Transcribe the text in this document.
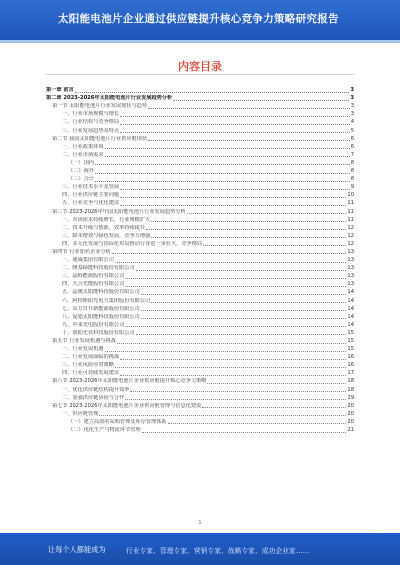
太阳能电池片企业通过供应链提升核心竞争力策略研究报告
内容目录
第一章 前言	3
第二章 2023-2026年太阳能电池片行业发展趋势分析	3
第一节 太阳能电池片行业发展现状与趋势	3
一、行业市场规模与增长	3
二、行业结构与竞争格局	4
三、行业发展趋势及特点	5
第二节 我国太阳能电池片行业供应链现状	6
一、行业政策环境	6
二、行业市场需求	7
（一）国内	8
（二）海外	8
（三）合计	8
三、行业技术水平及发展	9
四、行业供应链主要问题	10
五、行业竞争与优化建议	11
第三节 2023-2026年中国太阳能电池片行业发展趋势分析	11
一、市场需求持续增长，行业规模扩大	11
二、技术升级与创新，效率持续提升	12
三、降本增效与绿色发展，竞争力增强	12
四、多元化发展与国际化布局推动行业进一步壮大，竞争格局	12
第四节 行业知名企业分析	13
一、通威集团有限公司	13
二、隆基绿能科技股份有限公司	13
三、晶科能源股份有限公司	13
四、天合光能股份有限公司	13
五、晶澳太阳能科技股份有限公司	14
六、阿特斯阳光电力集团股份有限公司	14
七、东方日升新能源股份有限公司	14
八、爱旭太阳能科技股份有限公司	14
九、中来光电股份有限公司	14
十、润阳光伏科技股份有限公司	15
第五节 行业发展机遇与挑战	15
一、行业发展机遇	15
二、行业发展面临的挑战	16
三、行业风险应对策略	16
四、行业可持续发展建议	17
第六节 2023-2026年太阳能电池片企业供应链提升核心竞争力策略	18
一、优化供应链结构提升效率	18
二、加强供应链协同与合作	19
第七节 2023-2026年太阳能电池片企业供应链管理与信息化建设	20
一、供应链管理	20
（一）建立高效的采购管理及库存管理体系	20
（二）优化生产与物流环节管理	21
1
让每个人都能成为	行业专家、管理专家、营销专家、战略专家、成功企业家……
